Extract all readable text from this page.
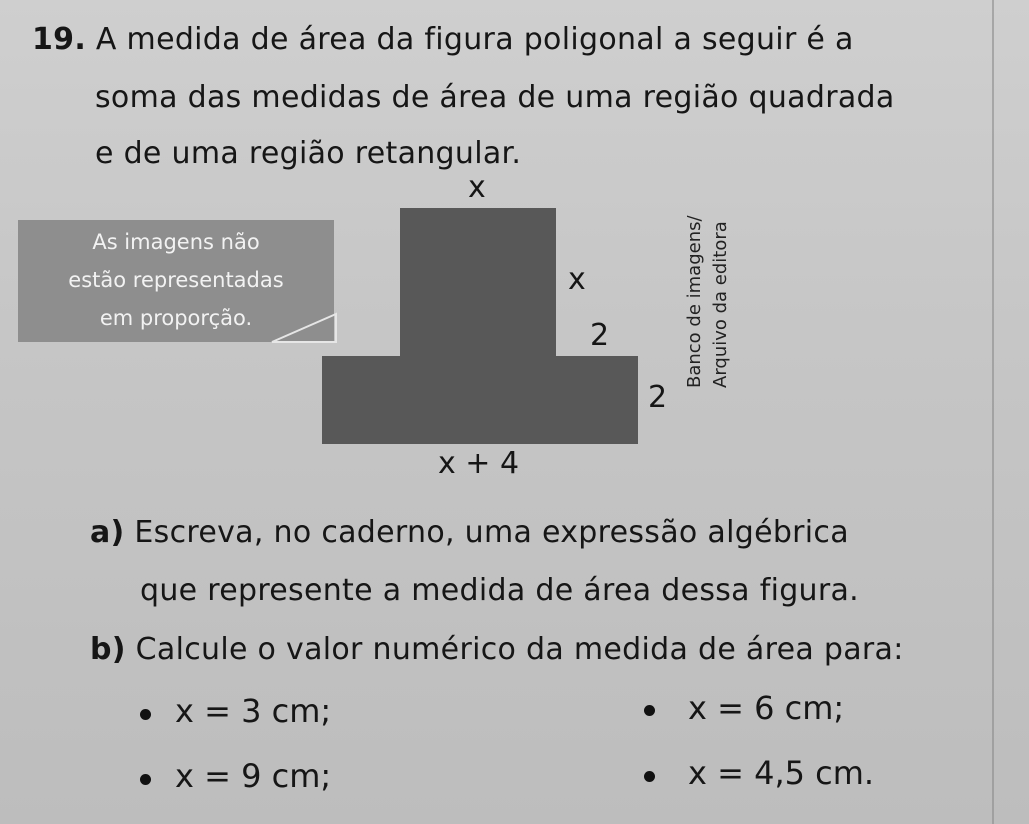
19. A medida de área da figura poligonal a seguir é a
soma das medidas de área de uma região quadrada
e de uma região retangular.
As imagens não
estão representadas
em proporção.
x
x
2
2
x + 4
Banco de imagens/ Arquivo da editora
a) Escreva, no caderno, uma expressão algébrica
que represente a medida de área dessa figura.
b) Calcule o valor numérico da medida de área para:
x = 3 cm;	x = 6 cm;
x = 9 cm;	x = 4,5 cm.
